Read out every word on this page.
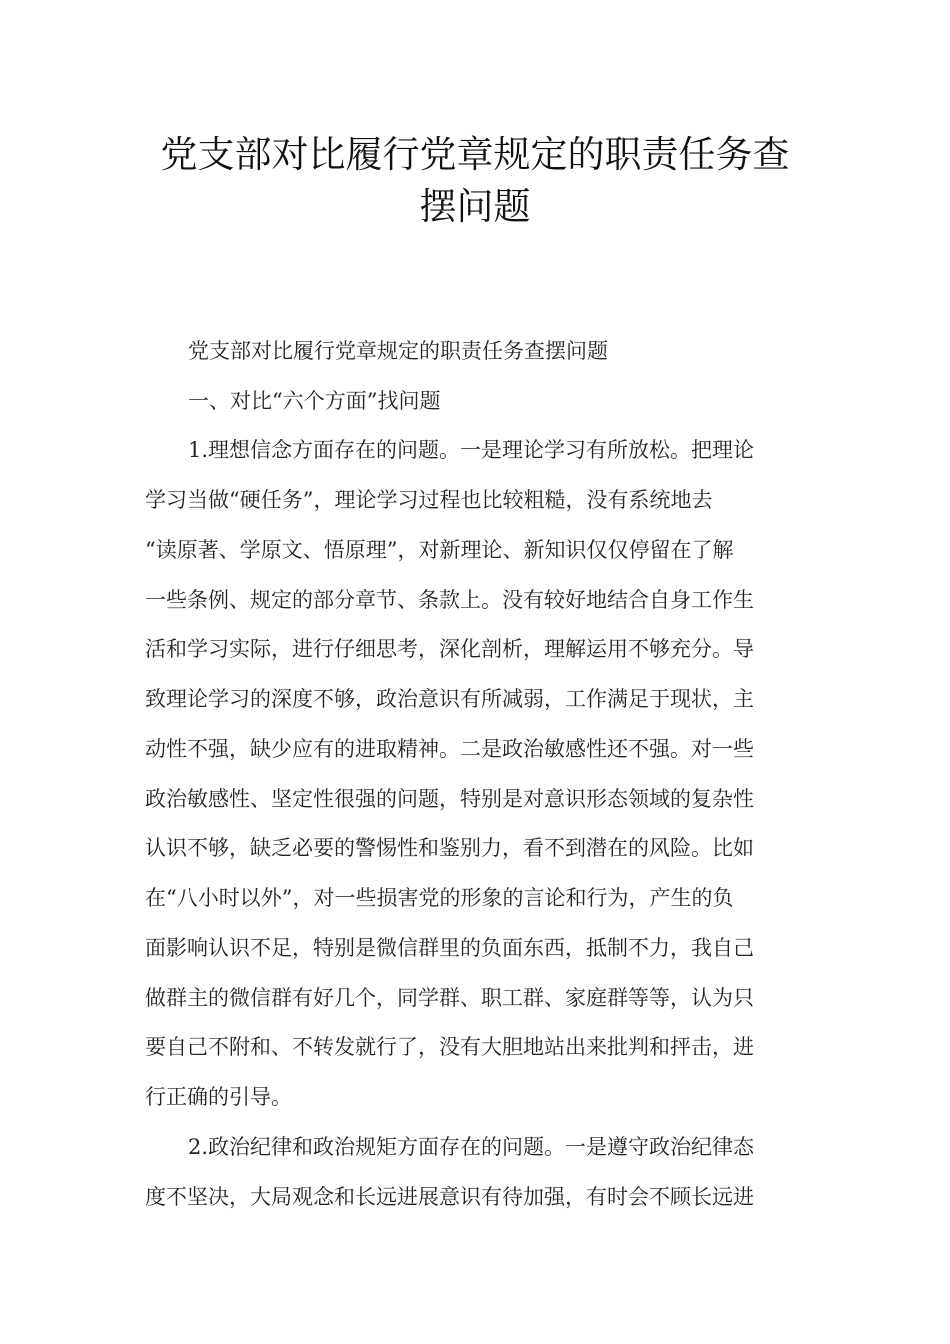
党支部对比履行党章规定的职责任务查
摆问题
党支部对比履行党章规定的职责任务查摆问题
一、对比“六个方面”找问题
1.理想信念方面存在的问题。一是理论学习有所放松。把理论
学习当做“硬任务”，理论学习过程也比较粗糙，没有系统地去
“读原著、学原文、悟原理”，对新理论、新知识仅仅停留在了解
一些条例、规定的部分章节、条款上。没有较好地结合自身工作生
活和学习实际，进行仔细思考，深化剖析，理解运用不够充分。导
致理论学习的深度不够，政治意识有所减弱，工作满足于现状，主
动性不强，缺少应有的进取精神。二是政治敏感性还不强。对一些
政治敏感性、坚定性很强的问题，特别是对意识形态领域的复杂性
认识不够，缺乏必要的警惕性和鉴别力，看不到潜在的风险。比如
在“八小时以外”，对一些损害党的形象的言论和行为，产生的负
面影响认识不足，特别是微信群里的负面东西，抵制不力，我自己
做群主的微信群有好几个，同学群、职工群、家庭群等等，认为只
要自己不附和、不转发就行了，没有大胆地站出来批判和抨击，进
行正确的引导。
2.政治纪律和政治规矩方面存在的问题。一是遵守政治纪律态
度不坚决，大局观念和长远进展意识有待加强，有时会不顾长远进
